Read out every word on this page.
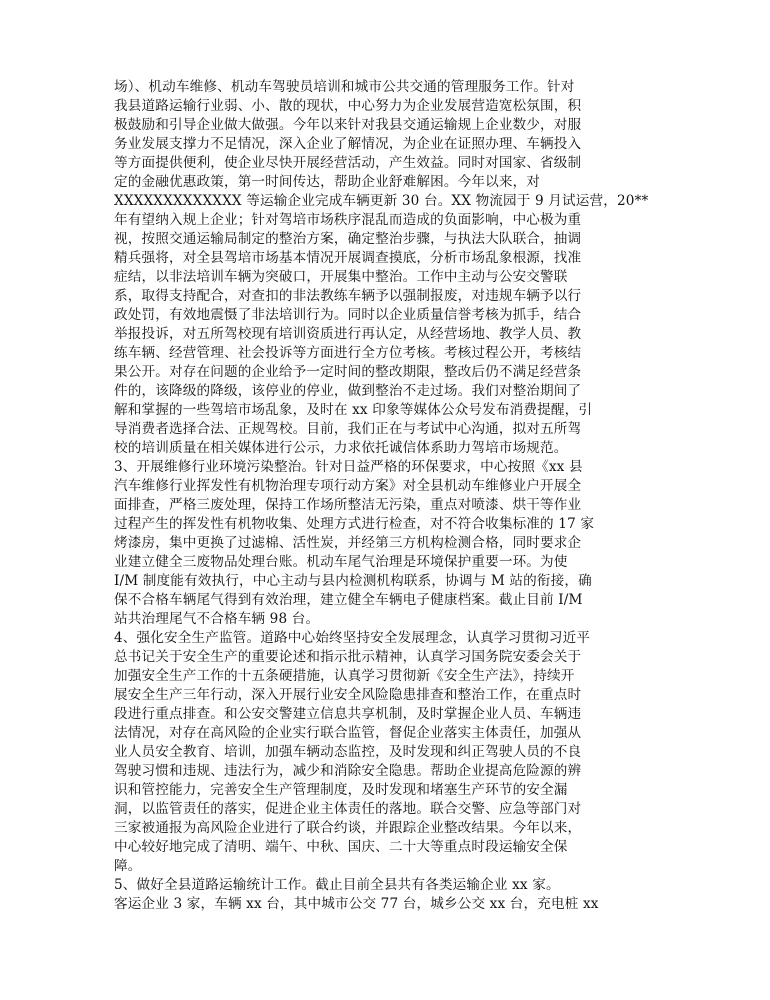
场）、机动车维修、机动车驾驶员培训和城市公共交通的管理服务工作。针对
我县道路运输行业弱、小、散的现状，中心努力为企业发展营造宽松氛围，积
极鼓励和引导企业做大做强。今年以来针对我县交通运输规上企业数少，对服
务业发展支撑力不足情况，深入企业了解情况，为企业在证照办理、车辆投入
等方面提供便利，使企业尽快开展经营活动，产生效益。同时对国家、省级制
定的金融优惠政策，第一时间传达，帮助企业舒难解困。今年以来，对
XXXXXXXXXXXXX 等运输企业完成车辆更新 30 台。XX 物流园于 9 月试运营，20**
年有望纳入规上企业；针对驾培市场秩序混乱而造成的负面影响，中心极为重
视，按照交通运输局制定的整治方案，确定整治步骤，与执法大队联合，抽调
精兵强将，对全县驾培市场基本情况开展调查摸底，分析市场乱象根源，找准
症结，以非法培训车辆为突破口，开展集中整治。工作中主动与公安交警联
系，取得支持配合，对查扣的非法教练车辆予以强制报废，对违规车辆予以行
政处罚，有效地震慑了非法培训行为。同时以企业质量信誉考核为抓手，结合
举报投诉，对五所驾校现有培训资质进行再认定，从经营场地、教学人员、教
练车辆、经营管理、社会投诉等方面进行全方位考核。考核过程公开，考核结
果公开。对存在问题的企业给予一定时间的整改期限，整改后仍不满足经营条
件的，该降级的降级，该停业的停业，做到整治不走过场。我们对整治期间了
解和掌握的一些驾培市场乱象，及时在 xx 印象等媒体公众号发布消费提醒，引
导消费者选择合法、正规驾校。目前，我们正在与考试中心沟通，拟对五所驾
校的培训质量在相关媒体进行公示，力求依托诚信体系助力驾培市场规范。
3、开展维修行业环境污染整治。针对日益严格的环保要求，中心按照《xx 县
汽车维修行业挥发性有机物治理专项行动方案》对全县机动车维修业户开展全
面排查，严格三废处理，保持工作场所整洁无污染，重点对喷漆、烘干等作业
过程产生的挥发性有机物收集、处理方式进行检查，对不符合收集标准的 17 家
烤漆房，集中更换了过滤棉、活性炭，并经第三方机构检测合格，同时要求企
业建立健全三废物品处理台账。机动车尾气治理是环境保护重要一环。为使
I/M 制度能有效执行，中心主动与县内检测机构联系，协调与 M 站的衔接，确
保不合格车辆尾气得到有效治理，建立健全车辆电子健康档案。截止目前 I/M
站共治理尾气不合格车辆 98 台。
4、强化安全生产监管。道路中心始终坚持安全发展理念，认真学习贯彻习近平
总书记关于安全生产的重要论述和指示批示精神，认真学习国务院安委会关于
加强安全生产工作的十五条硬措施，认真学习贯彻新《安全生产法》，持续开
展安全生产三年行动，深入开展行业安全风险隐患排查和整治工作，在重点时
段进行重点排查。和公安交警建立信息共享机制，及时掌握企业人员、车辆违
法情况，对存在高风险的企业实行联合监管，督促企业落实主体责任，加强从
业人员安全教育、培训，加强车辆动态监控，及时发现和纠正驾驶人员的不良
驾驶习惯和违规、违法行为，减少和消除安全隐患。帮助企业提高危险源的辨
识和管控能力，完善安全生产管理制度，及时发现和堵塞生产环节的安全漏
洞，以监管责任的落实，促进企业主体责任的落地。联合交警、应急等部门对
三家被通报为高风险企业进行了联合约谈，并跟踪企业整改结果。今年以来，
中心较好地完成了清明、端午、中秋、国庆、二十大等重点时段运输安全保
障。
5、做好全县道路运输统计工作。截止目前全县共有各类运输企业 xx 家。
客运企业 3 家，车辆 xx 台，其中城市公交 77 台，城乡公交 xx 台，充电桩 xx
